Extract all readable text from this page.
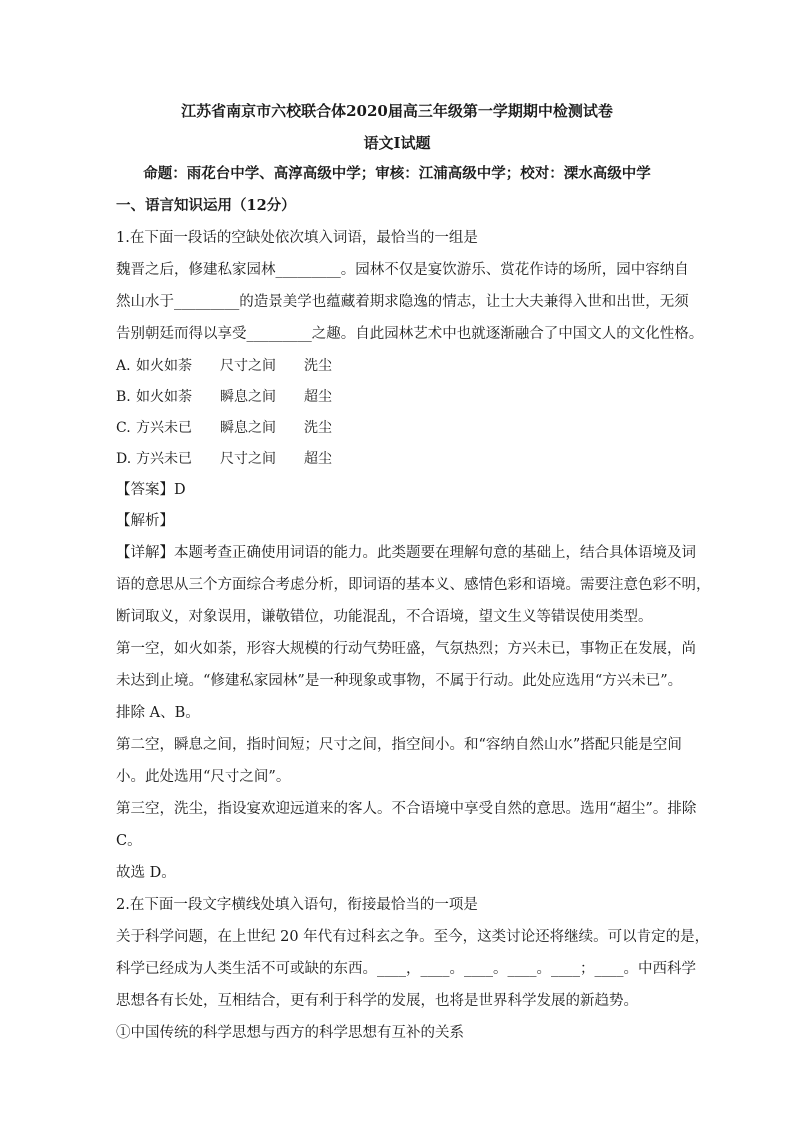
江苏省南京市六校联合体2020届高三年级第一学期期中检测试卷
语文Ⅰ试题
命题：雨花台中学、高淳高级中学；审核：江浦高级中学；校对：溧水高级中学
一、语言知识运用（12分）
1.在下面一段话的空缺处依次填入词语，最恰当的一组是
魏晋之后，修建私家园林_________。园林不仅是宴饮游乐、赏花作诗的场所，园中容纳自
然山水于_________的造景美学也蕴藏着期求隐逸的情志，让士大夫兼得入世和出世，无须
告别朝廷而得以享受_________之趣。自此园林艺术中也就逐渐融合了中国文人的文化性格。
A. 如火如荼 尺寸之间 洗尘
B. 如火如荼 瞬息之间 超尘
C. 方兴未已 瞬息之间 洗尘
D. 方兴未已 尺寸之间 超尘
【答案】D
【解析】
【详解】本题考查正确使用词语的能力。此类题要在理解句意的基础上，结合具体语境及词
语的意思从三个方面综合考虑分析，即词语的基本义、感情色彩和语境。需要注意色彩不明，
断词取义，对象误用，谦敬错位，功能混乱，不合语境，望文生义等错误使用类型。
第一空，如火如荼，形容大规模的行动气势旺盛，气氛热烈；方兴未已，事物正在发展，尚
未达到止境。“修建私家园林”是一种现象或事物，不属于行动。此处应选用“方兴未已”。
排除 A、B。
第二空，瞬息之间，指时间短；尺寸之间，指空间小。和“容纳自然山水”搭配只能是空间
小。此处选用“尺寸之间”。
第三空，洗尘，指设宴欢迎远道来的客人。不合语境中享受自然的意思。选用“超尘”。排除
C。
故选 D。
2.在下面一段文字横线处填入语句，衔接最恰当的一项是
关于科学问题，在上世纪 20 年代有过科玄之争。至今，这类讨论还将继续。可以肯定的是，
科学已经成为人类生活不可或缺的东西。____，____。____。____。____；____。中西科学
思想各有长处，互相结合，更有利于科学的发展，也将是世界科学发展的新趋势。
①中国传统的科学思想与西方的科学思想有互补的关系
